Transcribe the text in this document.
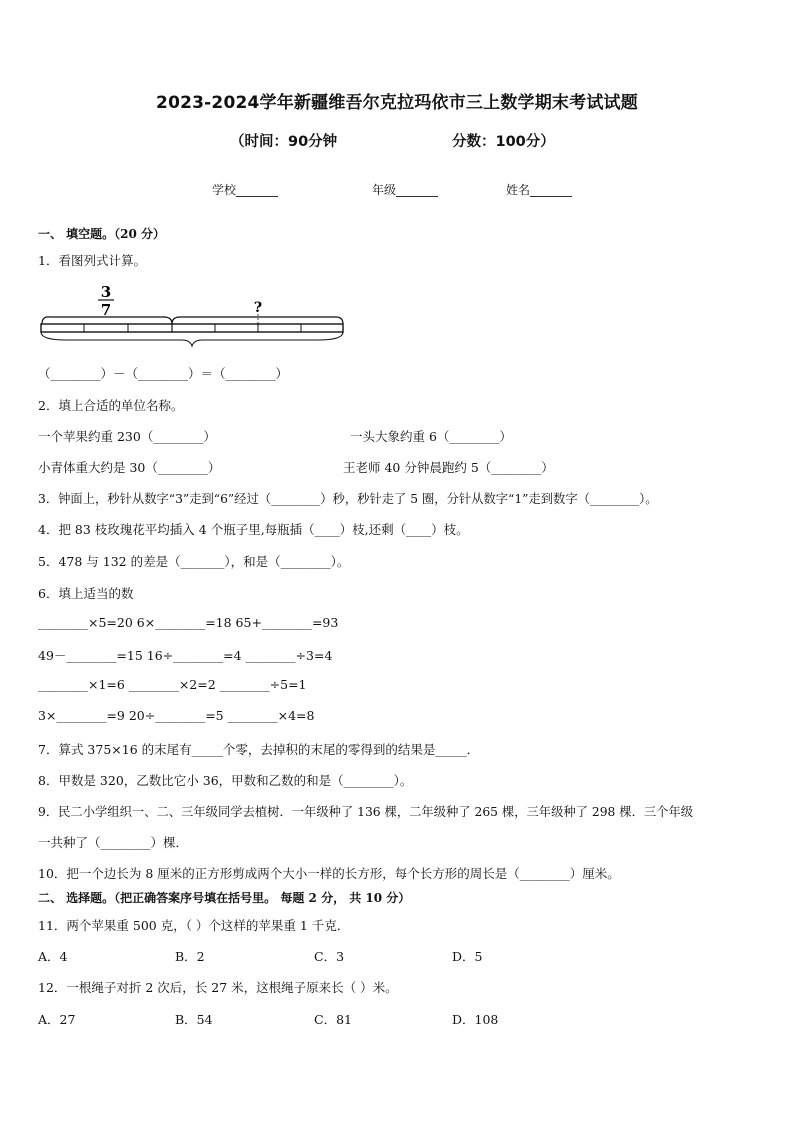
2023-2024学年新疆维吾尔克拉玛依市三上数学期末考试试题
（时间：90分钟	分数：100分）
学校_______	年级_______	姓名_______
一、 填空题。（20 分）
1．看图列式计算。
3
7	?
（________）－（________）＝（________）
2．填上合适的单位名称。
一个苹果约重 230（________）	一头大象约重 6（________）
小青体重大约是 30（________）	王老师 40 分钟晨跑约 5（________）
3．钟面上，秒针从数字“3”走到“6”经过（________）秒，秒针走了 5 圈，分针从数字“1”走到数字（________）。
4．把 83 枝玫瑰花平均插入 4 个瓶子里,每瓶插（____）枝,还剩（____）枝。
5．478 与 132 的差是（_______），和是（________）。
6．填上适当的数
________×5=20 6×________=18 65+________=93
49－________=15 16÷________=4 ________÷3=4
________×1=6 ________×2=2 ________÷5=1
3×________=9 20÷________=5 ________×4=8
7．算式 375×16 的末尾有_____个零，去掉积的末尾的零得到的结果是_____．
8．甲数是 320，乙数比它小 36，甲数和乙数的和是（________）。
9．民二小学组织一、二、三年级同学去植树．一年级种了 136 棵，二年级种了 265 棵，三年级种了 298 棵．三个年级
一共种了（________）棵．
10．把一个边长为 8 厘米的正方形剪成两个大小一样的长方形，每个长方形的周长是（________）厘米。
二、 选择题。（把正确答案序号填在括号里。 每题 2 分， 共 10 分）
11．两个苹果重 500 克，（ ）个这样的苹果重 1 千克．
A．4	B．2	C．3	D．5
12．一根绳子对折 2 次后，长 27 米，这根绳子原来长（ ）米。
A．27	B．54	C．81	D．108
